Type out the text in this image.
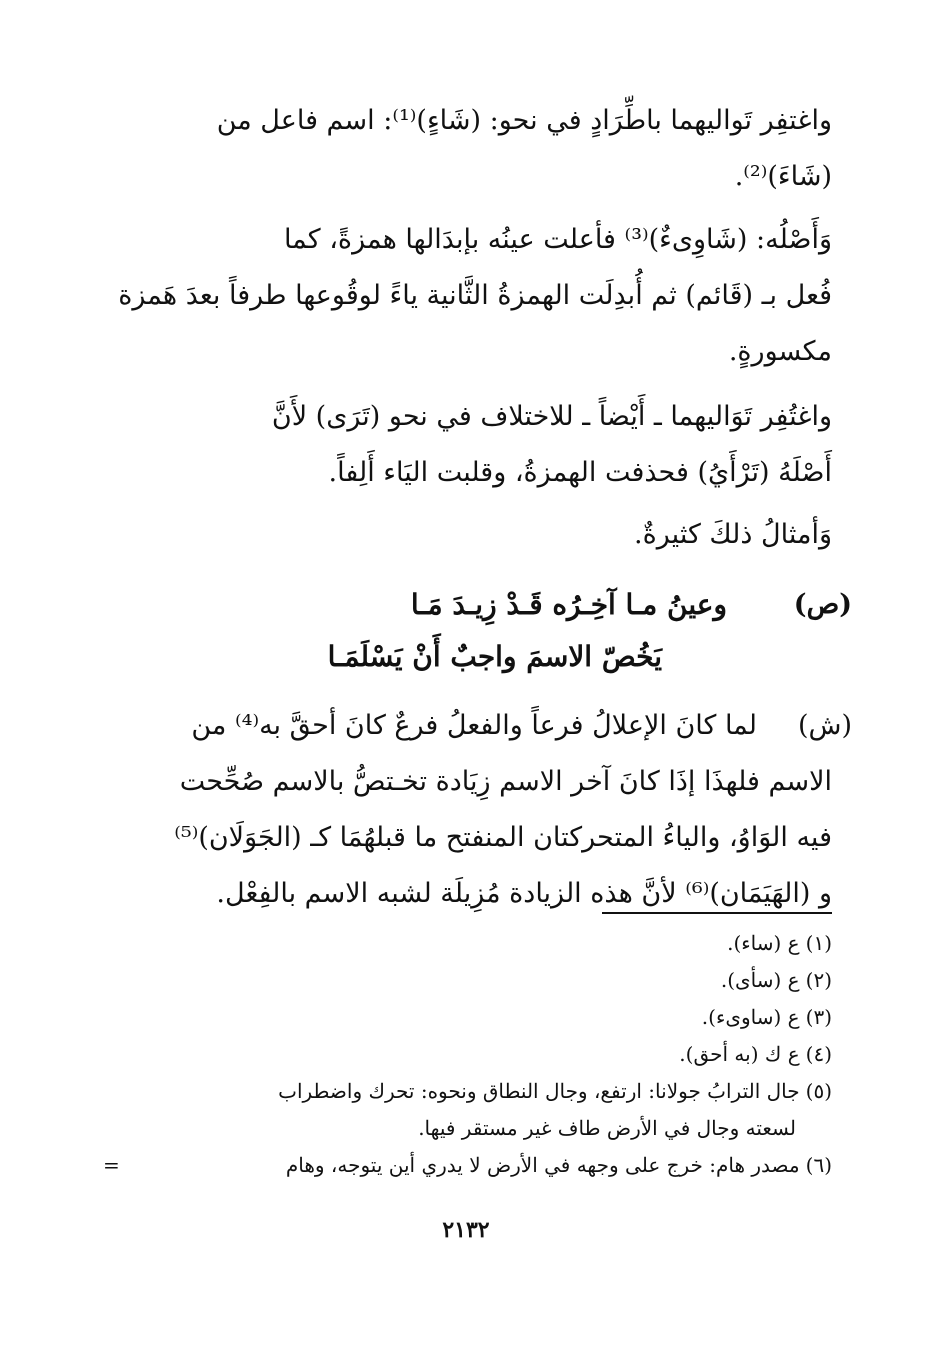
واغتفِر تَواليهما باطِّرَادٍ في نحو: (شَاءٍ)⁽¹⁾: اسم فاعل من
(شَاءَ)⁽²⁾.
وَأَصْلُه: (شَاوِىءٌ)⁽³⁾ فأعلت عينُه بإبدَالها همزةً، كما
فُعل بـ (قَائم) ثم أُبدِلَت الهمزةُ الثَّانية ياءً لوقُوعها طرفاً بعدَ هَمزة
مكسورةٍ.
واغتُفِر تَوَاليهما ـ أَيْضاً ـ للاختلاف في نحو (تَرَى) لأَنَّ
أَصْلَهُ (تَرْأَيُ) فحذفت الهمزةُ، وقلبت اليَاء أَلِفاً.
وَأمثالُ ذلكَ كثيرةٌ.
(ص)
وعينُ مـا آخِـرُه قَـدْ زِيـدَ مَـا
يَخُصّ الاسمَ واجبٌ أَنْ يَسْلَمَـا
(ش)
لما كانَ الإعلالُ فرعاً والفعلُ فرعٌ كانَ أحقَّ به⁽⁴⁾ من
الاسم فلهذَا إذَا كانَ آخر الاسم زِيَادة تخـتصُّ بالاسم صُحِّحت
فيه الوَاوُ، والياءُ المتحركتان المنفتح ما قبلهُمَا كـ (الجَوَلَان)⁽⁵⁾
و (الهَيَمَان)⁽⁶⁾ لأنَّ هذه الزيادة مُزِيلَة لشبه الاسم بالفِعْل.
(١)ع (ساء).
(٢)ع (سأى).
(٣)ع (ساوىء).
(٤)ع ك (به أحق).
(٥)جال الترابُ جولانا: ارتفع، وجال النطاق ونحوه: تحرك واضطراب
لسعته وجال في الأرض طاف غير مستقر فيها.
(٦)مصدر هام: خرج على وجهه في الأرض لا يدري أين يتوجه، وهام
=
٢١٣٢
